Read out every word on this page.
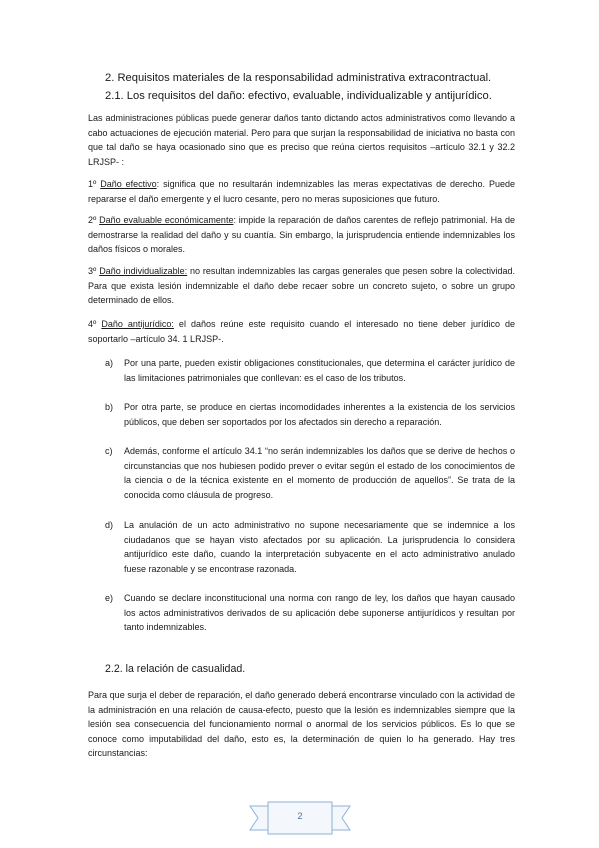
2. Requisitos materiales de la responsabilidad administrativa extracontractual.
2.1. Los requisitos del daño: efectivo, evaluable, individualizable y antijurídico.

Las administraciones públicas puede generar daños tanto dictando actos administrativos como llevando a cabo actuaciones de ejecución material. Pero para que surjan la responsabilidad de iniciativa no basta con que tal daño se haya ocasionado sino que es preciso que reúna ciertos requisitos –artículo 32.1 y 32.2 LRJSP- :

1º Daño efectivo: significa que no resultarán indemnizables las meras expectativas de derecho. Puede repararse el daño emergente y el lucro cesante, pero no meras suposiciones que futuro.

2º Daño evaluable económicamente: impide la reparación de daños carentes de reflejo patrimonial. Ha de demostrarse la realidad del daño y su cuantía. Sin embargo, la jurisprudencia entiende indemnizables los daños físicos o morales.

3º Daño individualizable: no resultan indemnizables las cargas generales que pesen sobre la colectividad. Para que exista lesión indemnizable el daño debe recaer sobre un concreto sujeto, o sobre un grupo determinado de ellos.

4º Daño antijurídico: el daños reúne este requisito cuando el interesado no tiene deber jurídico de soportarlo –artículo 34. 1 LRJSP-.

a)	Por una parte, pueden existir obligaciones constitucionales, que determina el carácter jurídico de las limitaciones patrimoniales que conllevan: es el caso de los tributos.
b)	Por otra parte, se produce en ciertas incomodidades inherentes a la existencia de los servicios públicos, que deben ser soportados por los afectados sin derecho a reparación.
c)	Además, conforme el artículo 34.1 “no serán indemnizables los daños que se derive de hechos o circunstancias que nos hubiesen podido prever o evitar según el estado de los conocimientos de la ciencia o de la técnica existente en el momento de producción de aquellos”. Se trata de la conocida como cláusula de progreso.
d)	La anulación de un acto administrativo no supone necesariamente que se indemnice a los ciudadanos que se hayan visto afectados por su aplicación. La jurisprudencia lo considera antijurídico este daño, cuando la interpretación subyacente en el acto administrativo anulado fuese razonable y se encontrase razonada.
e)	Cuando se declare inconstitucional una norma con rango de ley, los daños que hayan causado los actos administrativos derivados de su aplicación debe suponerse antijurídicos y resultan por tanto indemnizables.
2.2. la relación de casualidad.

Para que surja el deber de reparación, el daño generado deberá encontrarse vinculado con la actividad de la administración en una relación de causa-efecto, puesto que la lesión es indemnizables siempre que la lesión sea consecuencia del funcionamiento normal o anormal de los servicios públicos. Es lo que se conoce como imputabilidad del daño, esto es, la determinación de quien lo ha generado. Hay tres circunstancias:

2
